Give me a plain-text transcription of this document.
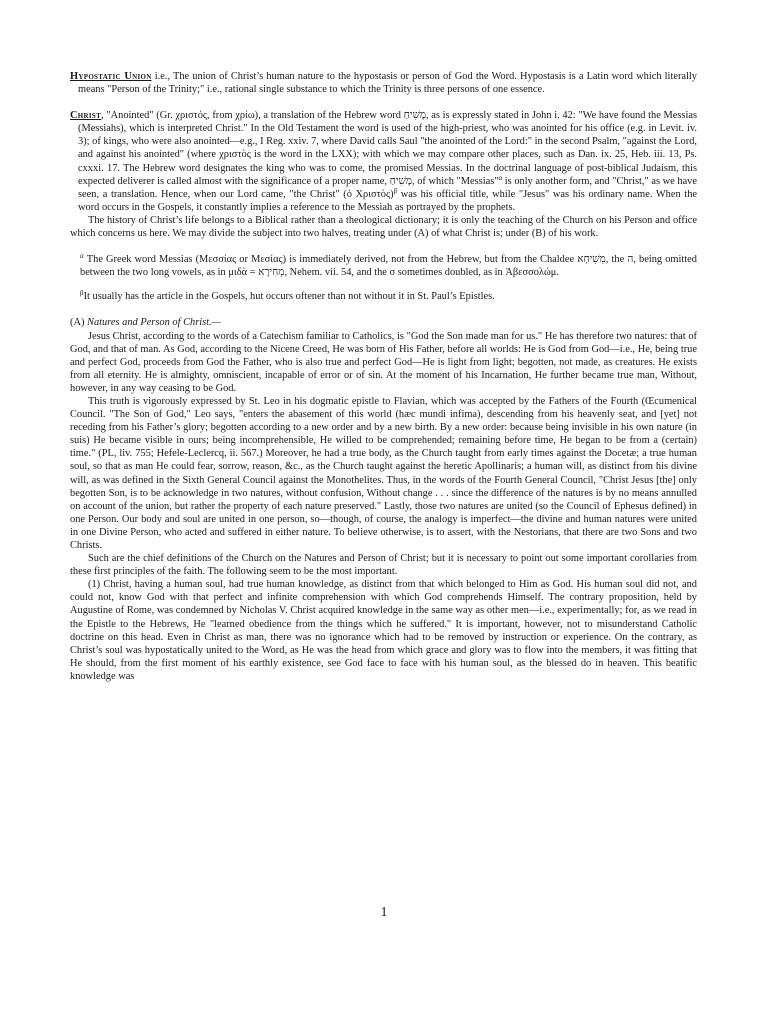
Hypostatic Union i.e., The union of Christ’s human nature to the hypostasis or person of God the Word. Hypostasis is a Latin word which literally means "Person of the Trinity;" i.e., rational single substance to which the Trinity is three persons of one essence.

Christ, "Anointed" (Gr. χριστός, from χρίω), a translation of the Hebrew word מָשִׁיחַ, as is expressly stated in John i. 42: "We have found the Messias (Messiahs), which is interpreted Christ." In the Old Testament the word is used of the high-priest, who was anointed for his office (e.g. in Levit. iv. 3); of kings, who were also anointed—e.g., I Reg. xxiv. 7, where David calls Saul "the anointed of the Lord:" in the second Psalm, "against the Lord, and against his anointed" (where χριστὸς is the word in the LXX); with which we may compare other places, such as Dan. ix. 25, Heb. iii. 13, Ps. cxxxi. 17. The Hebrew word designates the king who was to come, the promised Messias. In the doctrinal language of post-biblical Judaism, this expected deliverer is called almost with the significance of a proper name, מָשִׁיחַ, of which "Messias"$^\alpha$ is only another form, and "Christ," as we have seen, a translation. Hence, when our Lord came, "the Christ" (ὁ Χριστὸς)$^\beta$ was his official title, while "Jesus" was his ordinary name. When the word occurs in the Gospels, it constantly implies a reference to the Messiah as portrayed by the prophets.

The history of Christ’s life belongs to a Biblical rather than a theological dictionary; it is only the teaching of the Church on his Person and office which concerns us here. We may divide the subject into two halves, treating under (A) of what Christ is; under (B) of his work.

$^\alpha$ The Greek word Messias (Μεσσίας or Μεσίας) is immediately derived, not from the Hebrew, but from the Chaldee מְשִׁיחָא, the ה, being omitted between the two long vowels, as in μιδὰ = מְחִירָא, Nehem. vii. 54, and the σ sometimes doubled, as in Ἀβεσσολώμ.

$^\beta$It usually has the article in the Gospels, hut occurs oftener than not without it in St. Paul’s Epistles.

(A) Natures and Person of Christ.—

Jesus Christ, according to the words of a Catechism familiar to Catholics, is "God the Son made man for us." He has therefore two natures: that of God, and that of man. As God, according to the Nicene Creed, He was born of His Father, before all worlds: He is God from God—i.e., He, being true and perfect God, proceeds from God the Father, who is also true and perfect God—He is light from light; begotten, not made, as creatures. He exists from all eternity. He is almighty, omniscient, incapable of error or of sin. At the moment of his Incarnation, He further became true man, Without, however, in any way ceasing to be God.

This truth is vigorously expressed by St. Leo in his dogmatic epistle to Flavian, which was accepted by the Fathers of the Fourth (Œcumenical Council. "The Son of God," Leo says, "enters the abasement of this world (hæc mundi infima), descending from his heavenly seat, and [yet] not receding from his Father’s glory; begotten according to a new order and by a new birth. By a new order: because being invisible in his own nature (in suis) He became visible in ours; being incomprehensible, He willed to be comprehended; remaining before time, He began to be from a (certain) time." (PL, liv. 755; Hefele-Leclercq, ii. 567.) Moreover, he had a true body, as the Church taught from early times against the Docetæ; a true human soul, so that as man He could fear, sorrow, reason, &c., as the Church taught against the heretic Apollinaris; a human will, as distinct from his divine will, as was defined in the Sixth General Council against the Monothelites. Thus, in the words of the Fourth General Council, "Christ Jesus [the] only begotten Son, is to be acknowledge in two natures, without confusion, Without change . . . since the difference of the natures is by no means annulled on account of the union, but rather the property of each nature preserved." Lastly, those two natures are united (so the Council of Ephesus defined) in one Person. Our body and soul are united in one person, so—though, of course, the analogy is imperfect—the divine and human natures were united in one Divine Person, who acted and suffered in either nature. To believe otherwise, is to assert, with the Nestorians, that there are two Sons and two Christs.

Such are the chief definitions of the Church on the Natures and Person of Christ; but it is necessary to point out some important corollaries from these first principles of the faith. The following seem to be the most important.

(1) Christ, having a human soul, had true human knowledge, as distinct from that which belonged to Him as God. His human soul did not, and could not, know God with that perfect and infinite comprehension with which God comprehends Himself. The contrary proposition, held by Augustine of Rome, was condemned by Nicholas V. Christ acquired knowledge in the same way as other men—i.e., experimentally; for, as we read in the Epistle to the Hebrews, He "learned obedience from the things which he suffered." It is important, however, not to misunderstand Catholic doctrine on this head. Even in Christ as man, there was no ignorance which had to be removed by instruction or experience. On the contrary, as Christ’s soul was hypostatically united to the Word, as He was the head from which grace and glory was to flow into the members, it was fitting that He should, from the first moment of his earthly existence, see God face to face with his human soul, as the blessed do in heaven. This beatific knowledge was

1
